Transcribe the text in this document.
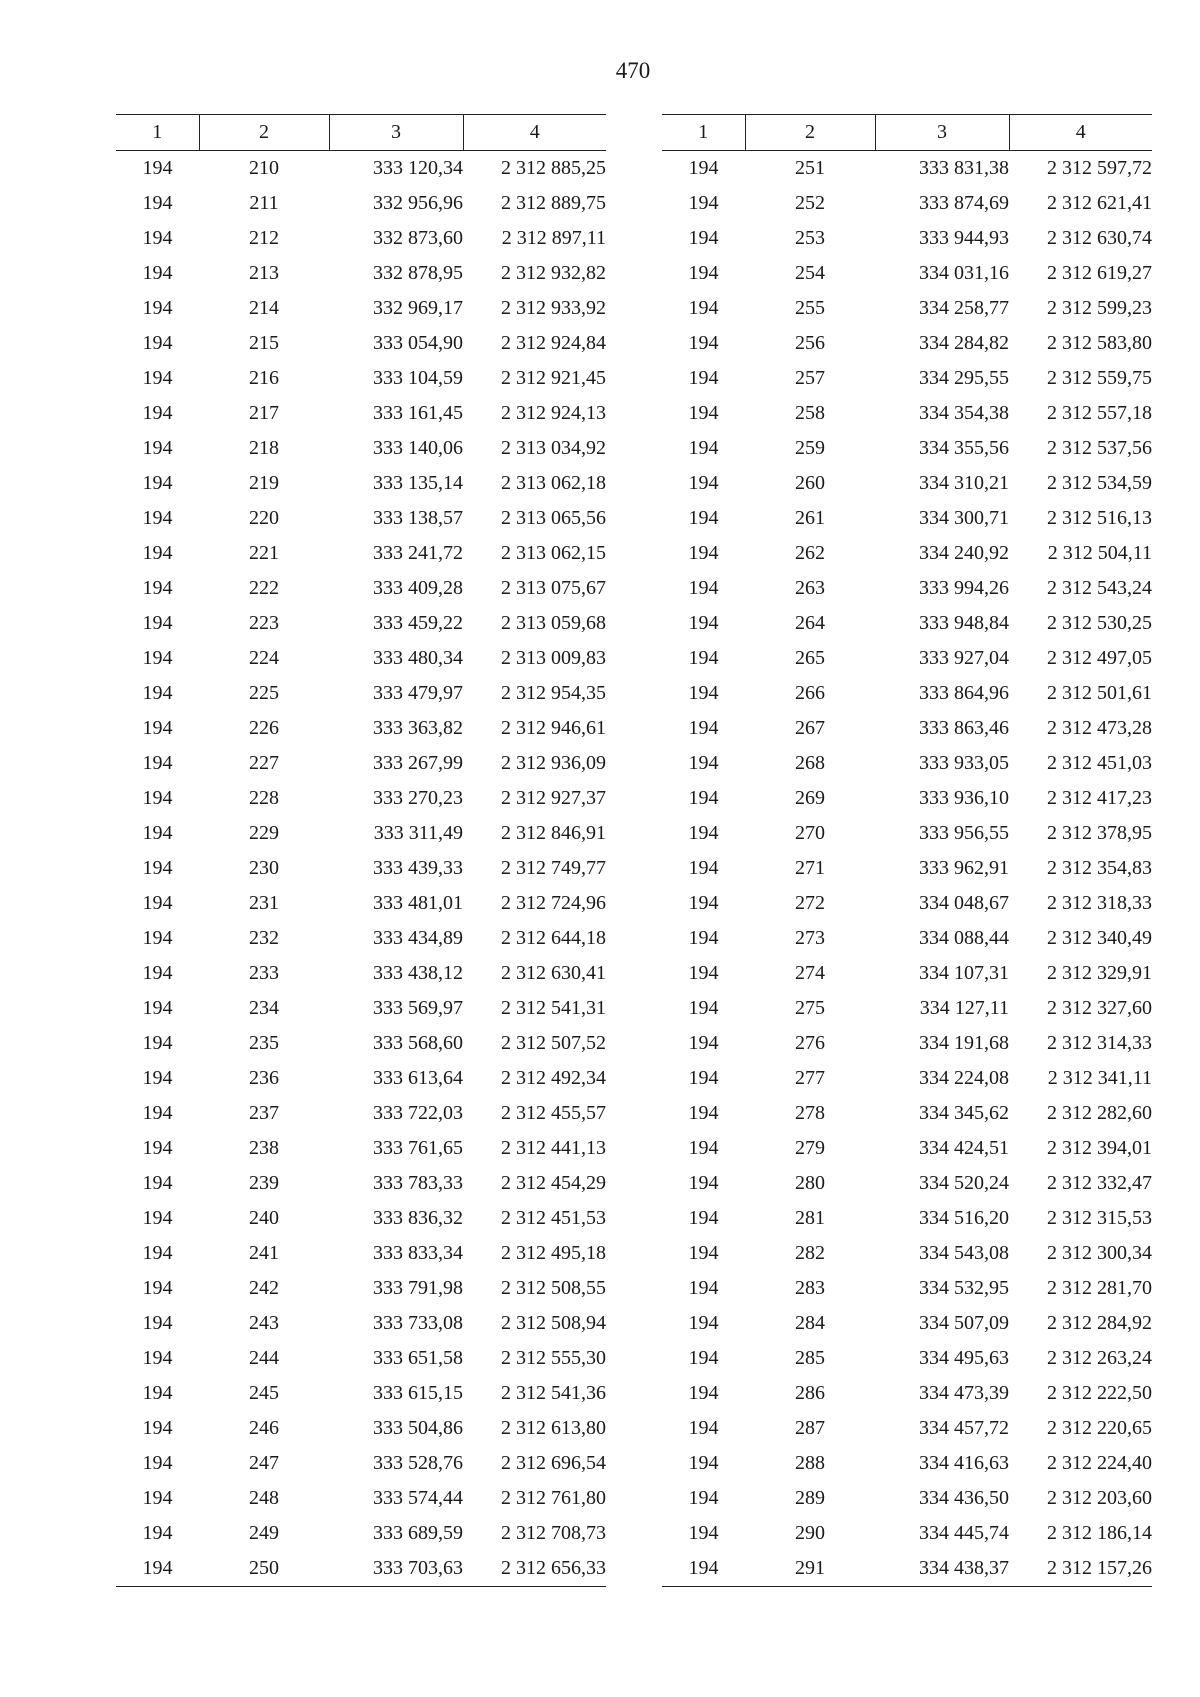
470
1	2	3	4
194	210	333 120,34	2 312 885,25
194	211	332 956,96	2 312 889,75
194	212	332 873,60	2 312 897,11
194	213	332 878,95	2 312 932,82
194	214	332 969,17	2 312 933,92
194	215	333 054,90	2 312 924,84
194	216	333 104,59	2 312 921,45
194	217	333 161,45	2 312 924,13
194	218	333 140,06	2 313 034,92
194	219	333 135,14	2 313 062,18
194	220	333 138,57	2 313 065,56
194	221	333 241,72	2 313 062,15
194	222	333 409,28	2 313 075,67
194	223	333 459,22	2 313 059,68
194	224	333 480,34	2 313 009,83
194	225	333 479,97	2 312 954,35
194	226	333 363,82	2 312 946,61
194	227	333 267,99	2 312 936,09
194	228	333 270,23	2 312 927,37
194	229	333 311,49	2 312 846,91
194	230	333 439,33	2 312 749,77
194	231	333 481,01	2 312 724,96
194	232	333 434,89	2 312 644,18
194	233	333 438,12	2 312 630,41
194	234	333 569,97	2 312 541,31
194	235	333 568,60	2 312 507,52
194	236	333 613,64	2 312 492,34
194	237	333 722,03	2 312 455,57
194	238	333 761,65	2 312 441,13
194	239	333 783,33	2 312 454,29
194	240	333 836,32	2 312 451,53
194	241	333 833,34	2 312 495,18
194	242	333 791,98	2 312 508,55
194	243	333 733,08	2 312 508,94
194	244	333 651,58	2 312 555,30
194	245	333 615,15	2 312 541,36
194	246	333 504,86	2 312 613,80
194	247	333 528,76	2 312 696,54
194	248	333 574,44	2 312 761,80
194	249	333 689,59	2 312 708,73
194	250	333 703,63	2 312 656,33
1	2	3	4
194	251	333 831,38	2 312 597,72
194	252	333 874,69	2 312 621,41
194	253	333 944,93	2 312 630,74
194	254	334 031,16	2 312 619,27
194	255	334 258,77	2 312 599,23
194	256	334 284,82	2 312 583,80
194	257	334 295,55	2 312 559,75
194	258	334 354,38	2 312 557,18
194	259	334 355,56	2 312 537,56
194	260	334 310,21	2 312 534,59
194	261	334 300,71	2 312 516,13
194	262	334 240,92	2 312 504,11
194	263	333 994,26	2 312 543,24
194	264	333 948,84	2 312 530,25
194	265	333 927,04	2 312 497,05
194	266	333 864,96	2 312 501,61
194	267	333 863,46	2 312 473,28
194	268	333 933,05	2 312 451,03
194	269	333 936,10	2 312 417,23
194	270	333 956,55	2 312 378,95
194	271	333 962,91	2 312 354,83
194	272	334 048,67	2 312 318,33
194	273	334 088,44	2 312 340,49
194	274	334 107,31	2 312 329,91
194	275	334 127,11	2 312 327,60
194	276	334 191,68	2 312 314,33
194	277	334 224,08	2 312 341,11
194	278	334 345,62	2 312 282,60
194	279	334 424,51	2 312 394,01
194	280	334 520,24	2 312 332,47
194	281	334 516,20	2 312 315,53
194	282	334 543,08	2 312 300,34
194	283	334 532,95	2 312 281,70
194	284	334 507,09	2 312 284,92
194	285	334 495,63	2 312 263,24
194	286	334 473,39	2 312 222,50
194	287	334 457,72	2 312 220,65
194	288	334 416,63	2 312 224,40
194	289	334 436,50	2 312 203,60
194	290	334 445,74	2 312 186,14
194	291	334 438,37	2 312 157,26
